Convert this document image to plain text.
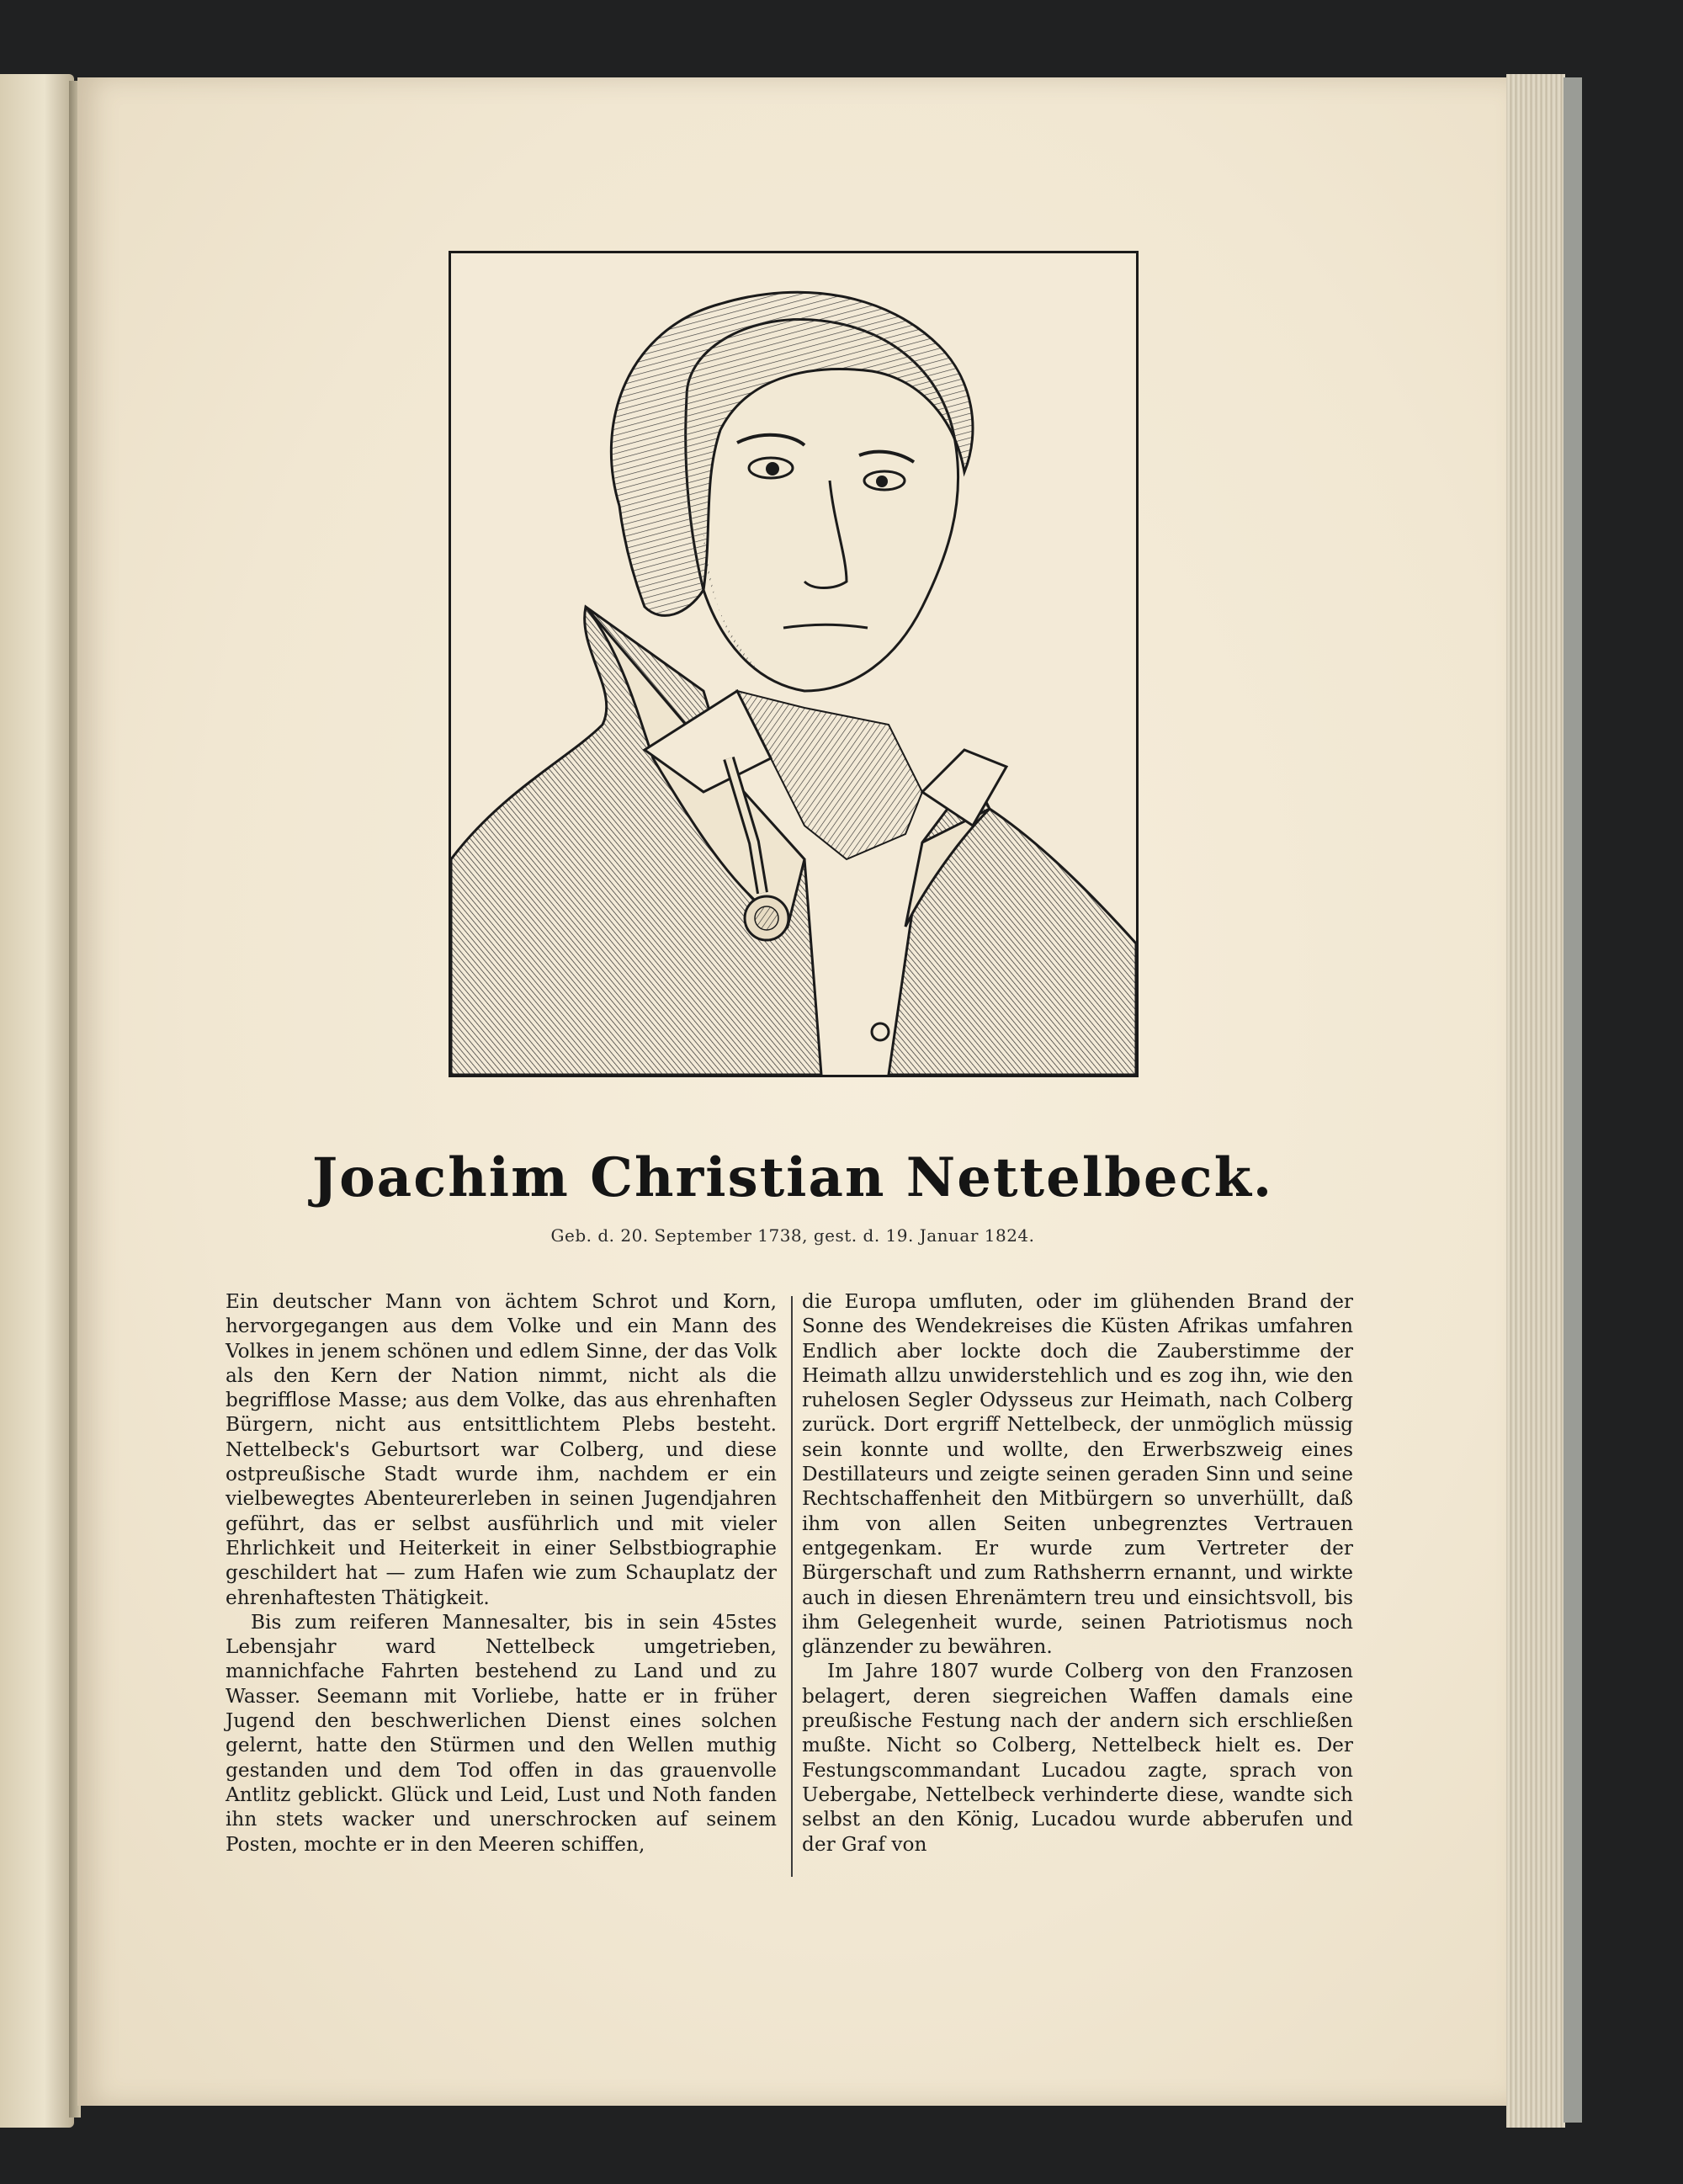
Joachim Christian Nettelbeck.
Geb. d. 20. September 1738, gest. d. 19. Januar 1824.

Ein deutscher Mann von ächtem Schrot und Korn, hervorgegangen aus dem Volke und ein Mann des Volkes in jenem schönen und edlem Sinne, der das Volk als den Kern der Nation nimmt, nicht als die begrifflose Masse; aus dem Volke, das aus ehrenhaften Bürgern, nicht aus entsittlichtem Plebs besteht. Nettelbeck's Geburtsort war Colberg, und diese ostpreußische Stadt wurde ihm, nachdem er ein vielbewegtes Abenteurerleben in seinen Jugendjahren geführt, das er selbst ausführlich und mit vieler Ehrlichkeit und Heiterkeit in einer Selbstbiographie geschildert hat — zum Hafen wie zum Schauplatz der ehrenhaftesten Thätigkeit.

Bis zum reiferen Mannesalter, bis in sein 45stes Lebensjahr ward Nettelbeck umgetrieben, mannichfache Fahrten bestehend zu Land und zu Wasser. Seemann mit Vorliebe, hatte er in früher Jugend den beschwerlichen Dienst eines solchen gelernt, hatte den Stürmen und den Wellen muthig gestanden und dem Tod offen in das grauenvolle Antlitz geblickt. Glück und Leid, Lust und Noth fanden ihn stets wacker und unerschrocken auf seinem Posten, mochte er in den Meeren schiffen,

die Europa umfluten, oder im glühenden Brand der Sonne des Wendekreises die Küsten Afrikas umfahren Endlich aber lockte doch die Zauberstimme der Heimath allzu unwiderstehlich und es zog ihn, wie den ruhelosen Segler Odysseus zur Heimath, nach Colberg zurück. Dort ergriff Nettelbeck, der unmöglich müssig sein konnte und wollte, den Erwerbszweig eines Destillateurs und zeigte seinen geraden Sinn und seine Rechtschaffenheit den Mitbürgern so unverhüllt, daß ihm von allen Seiten unbegrenztes Vertrauen entgegenkam. Er wurde zum Vertreter der Bürgerschaft und zum Rathsherrn ernannt, und wirkte auch in diesen Ehrenämtern treu und einsichtsvoll, bis ihm Gelegenheit wurde, seinen Patriotismus noch glänzender zu bewähren.

Im Jahre 1807 wurde Colberg von den Franzosen belagert, deren siegreichen Waffen damals eine preußische Festung nach der andern sich erschließen mußte. Nicht so Colberg, Nettelbeck hielt es. Der Festungscommandant Lucadou zagte, sprach von Uebergabe, Nettelbeck verhinderte diese, wandte sich selbst an den König, Lucadou wurde abberufen und der Graf von
